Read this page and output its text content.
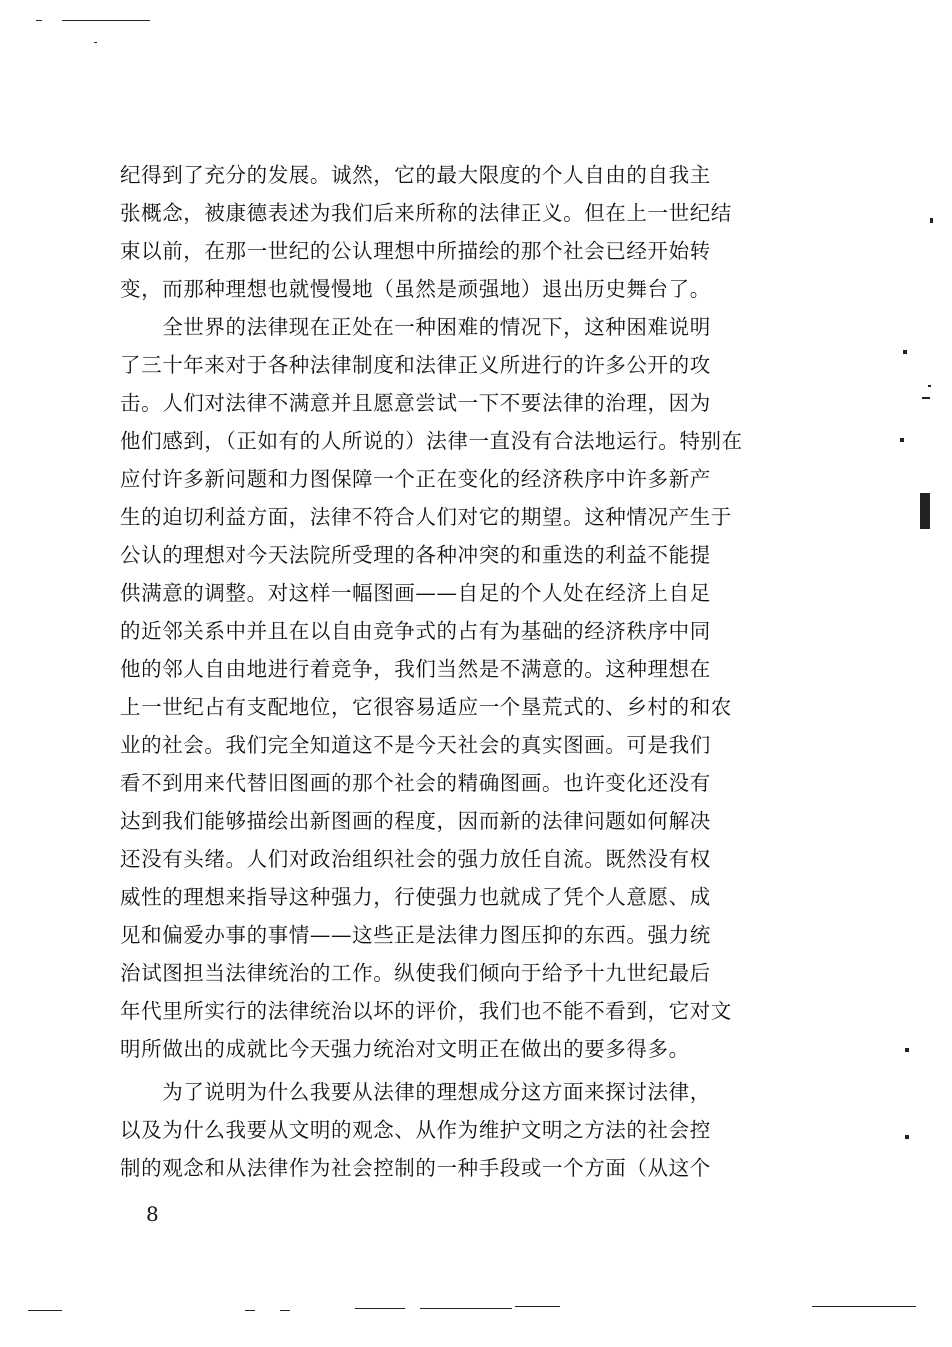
纪得到了充分的发展。诚然，它的最大限度的个人自由的自我主
张概念，被康德表述为我们后来所称的法律正义。但在上一世纪结
束以前，在那一世纪的公认理想中所描绘的那个社会已经开始转
变，而那种理想也就慢慢地（虽然是顽强地）退出历史舞台了。
　　全世界的法律现在正处在一种困难的情况下，这种困难说明
了三十年来对于各种法律制度和法律正义所进行的许多公开的攻
击。人们对法律不满意并且愿意尝试一下不要法律的治理，因为
他们感到，（正如有的人所说的）法律一直没有合法地运行。特别在
应付许多新问题和力图保障一个正在变化的经济秩序中许多新产
生的迫切利益方面，法律不符合人们对它的期望。这种情况产生于
公认的理想对今天法院所受理的各种冲突的和重迭的利益不能提
供满意的调整。对这样一幅图画——自足的个人处在经济上自足
的近邻关系中并且在以自由竞争式的占有为基础的经济秩序中同
他的邻人自由地进行着竞争，我们当然是不满意的。这种理想在
上一世纪占有支配地位，它很容易适应一个垦荒式的、乡村的和农
业的社会。我们完全知道这不是今天社会的真实图画。可是我们
看不到用来代替旧图画的那个社会的精确图画。也许变化还没有
达到我们能够描绘出新图画的程度，因而新的法律问题如何解决
还没有头绪。人们对政治组织社会的强力放任自流。既然没有权
威性的理想来指导这种强力，行使强力也就成了凭个人意愿、成
见和偏爱办事的事情——这些正是法律力图压抑的东西。强力统
治试图担当法律统治的工作。纵使我们倾向于给予十九世纪最后
年代里所实行的法律统治以坏的评价，我们也不能不看到，它对文
明所做出的成就比今天强力统治对文明正在做出的要多得多。
　　为了说明为什么我要从法律的理想成分这方面来探讨法律，
以及为什么我要从文明的观念、从作为维护文明之方法的社会控
制的观念和从法律作为社会控制的一种手段或一个方面（从这个
8
